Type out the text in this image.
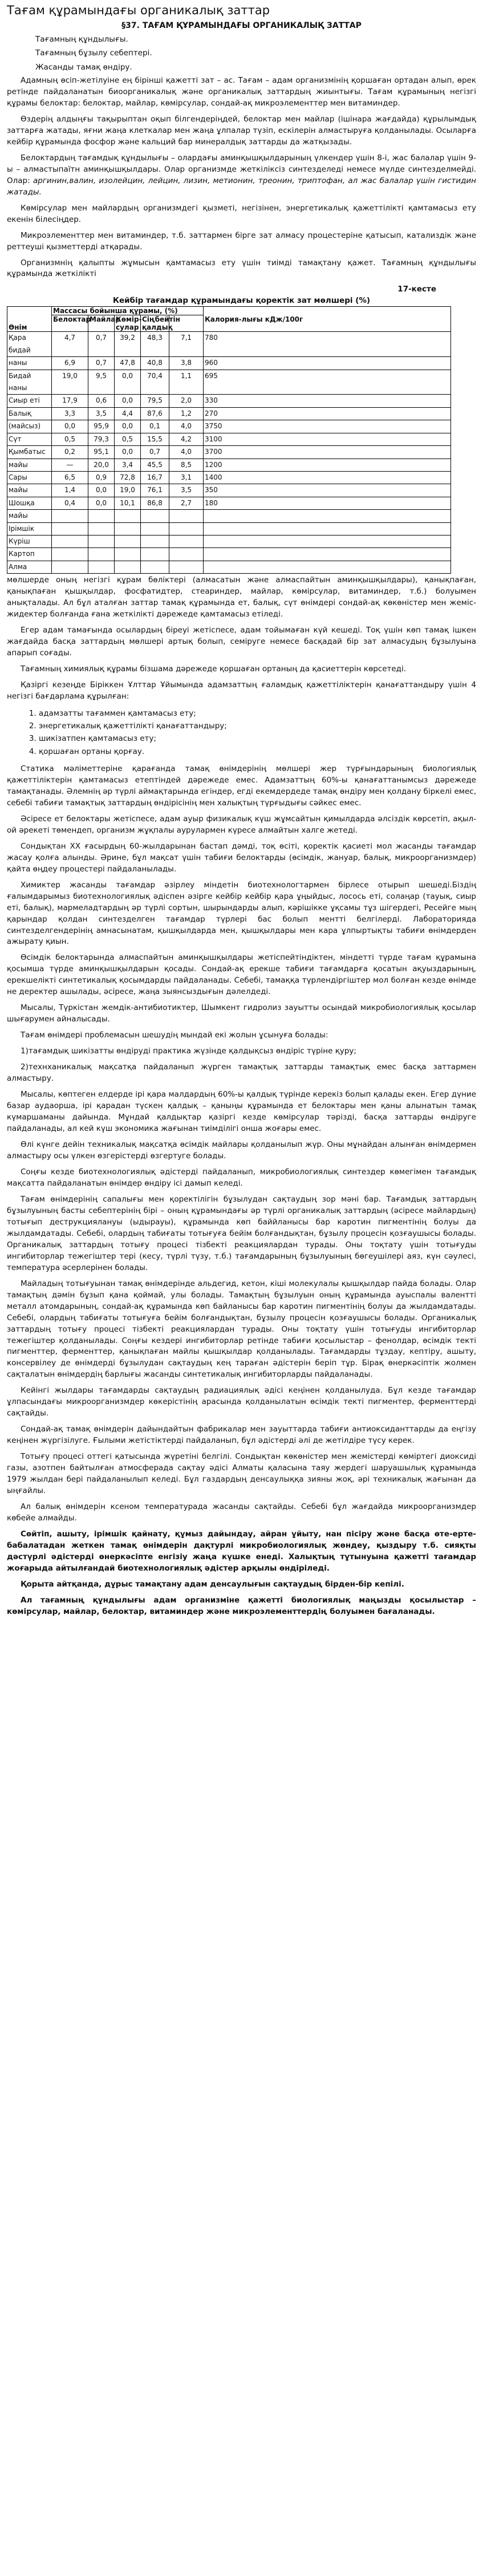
Тағам құрамындағы органикалық заттар
§37. ТАҒАМ ҚҰРАМЫНДАҒЫ ОРГАНИКАЛЫҚ ЗАТТАР
Тағамның құндылығы.
Тағамның бұзылу себептері.
Жасанды тамақ өндіру.

Адамның өсіп-жетілуіне ең бірінші қажетті зат – ас. Тағам – адам организмінің қоршаған ортадан алып, өрек ретінде пайдаланатын биоорганикалық және органикалық заттардың жиынтығы. Тағам құрамының негізгі құрамы белоктар: белоктар, майлар, көмірсулар, сондай-ақ микроэлементтер мен витаминдер.

Өздерің алдыңғы тақырыптан оқып білгендеріңдей, белоктар мен майлар (ішінара жағдайда) құрылымдық заттарға жатады, яғни жаңа клеткалар мен жаңа ұлпалар түзіп, ескілерін алмастыруға қолданылады. Осыларға кейбір құрамында фосфор және кальций бар минералдық заттарды да жатқызады.

Белоктардың тағамдық құндылығы – олардағы аминқышқылдарының үлкендер үшін 8-і, жас балалар үшін 9-ы – алмастыпаїтн аминқышқылдары. Олар организмде жеткіліксіз синтезделеді немесе мүлде синтезделмейді. Олар: аргинин,валин, изолейцин, лейцин, лизин, метионин, треонин, триптофан, ал жас балалар үшін гистидин жатады.

Көмірсулар мен майлардың организмдегі қызметі, негізінен, энергетикалық қажеттілікті қамтамасыз ету екенін білесіңдер.

Микроэлементтер мен витаминдер, т.б. заттармен бірге зат алмасу процестеріне қатысып, катализдік және реттеуші қызметтерді атқарады.

Организмнің қалыпты жұмысын қамтамасыз ету үшін тиімді тамақтану қажет. Тағамның құндылығы құрамында жеткілікті

17-кесте
Кейбір тағамдар құрамындағы қоректік зат мөлшері (%)
Өнім	Массасы бойынша құрамы, (%)					Калория-лығы кДж/100г
	Белоктар	Майлар	Көмір-сулар	Сіңбейтін қалдық		
Қара бидай	4,7	0,7	39,2	48,3	7,1	780
наны	6,9	0,7	47,8	40,8	3,8	960
Бидай наны	19,0	9,5	0,0	70,4	1,1	695
Сиыр еті	17,9	0,6	0,0	79,5	2,0	330
Балық	3,3	3,5	4,4	87,6	1,2	270
(майсыз)	0,0	95,9	0,0	0,1	4,0	3750
Сүт	0,5	79,3	0,5	15,5	4,2	3100
Қымбатыс	0,2	95,1	0,0	0,7	4,0	3700
майы	—	20,0	3,4	45,5	8,5	1200
Сары	6,5	0,9	72,8	16,7	3,1	1400
майы	1,4	0,0	19,0	76,1	3,5	350
Шошқа	0,4	0,0	10,1	86,8	2,7	180
майы						
Ірімшік						
Күріш						
Картоп						
Алма						

мөлшерде оның негізгі құрам бөліктері (алмасатын және алмаспайтын аминқышқылдары), қанықпаған, қанықпаған қышқылдар, фосфатидтер, стеариндер, майлар, көмірсулар, витаминдер, т.б.) болуымен анықталады. Ал бұл аталған заттар тамақ құрамында ет, балық, сүт өнімдері сондай-ақ көкөністер мен жеміс-жидектер болғанда ғана жеткілікті дәрежеде қамтамасыз етіледі.

Егер адам тамағында осылардың біреуі жетіспесе, адам тойымаған күй кешеді. Тоқ үшін көп тамақ ішкен жағдайда басқа заттардың мөлшері артық болып, семіруге немесе басқадай бір зат алмасудың бұзылуына апарып соғады.

Тағамның химиялық құрамы бізшама дәрежеде қоршаған ортаның да қасиеттерін көрсетеді.

Қазіргі кезеңде Біріккен Ұлттар Ұйымында адамзаттың ғаламдық қажеттіліктерін қанағаттандыру үшін 4 негізгі бағдарлама құрылған:

1. адамзатты тағаммен қамтамасыз ету;
2. энергетикалық қажеттілікті қанағаттандыру;
3. шикізатпен қамтамасыз ету;
4. қоршаған ортаны қорғау.

Статика мәліметтеріне қарағанда тамақ өнімдерінің мөлшері жер түрғындарының биологиялық қажеттіліктерін қамтамасыз етептіндей дәрежеде емес. Адамзаттың 60%-ы қанағаттанымсыз дәрежеде тамақтанады. Әлемнің әр түрлі аймақтарында егіндер, егді екемдердеде тамақ өндіру мен қолдану біркелі емес, себебі табиғи тамақтық заттардың өндірісінің мен халықтың түрғыдығы сәйкес емес.

Әсіресе ет белоктары жетіспесе, адам ауыр физикалық күш жұмсайтын қимылдарда әлсіздік көрсетіп, ақыл-ой әрекеті төмендеп, организм жұқпалы аурулармен күресе алмайтын халге жетеді.

Сондықтан XX ғасырдың 60-жылдарынан бастап дәмді, тоқ өсіті, қоректік қасиеті мол жасанды тағамдар жасау қолға алынды. Әрине, бұл мақсат үшін табиғи белоктарды (өсімдік, жануар, балық, микроорганизмдер) қайта өңдеу процестері пайдаланылады.

Химиктер жасанды тағамдар әзірлеу міндетін биотехнологтармен бірлесе отырып шешеді.Біздің ғалымдарымыз биотехнологиялық әдіспен әзірге кейбір кейбір қара ұңыйдыс, лосось еті, солаңар (тауық, сиыр еті, балық), мармеладтардың әр түрлі сортын, шырындарды алып, кәрішікке ұқсамы тұз шігердегі, Ресейге мың қарындар қолдан синтезделген тағамдар түрлері бас болып ментті белгілерді. Лабораторияда синтезделгендерінің амнасынатам, қышқылдарда мен, қышқылдары мен кара ұлпыртықты табиғи өнімдерден ажырату қиын.

Өсімдік белоктарында алмаспайтын аминқышқылдары жетіспейтіндіктен, міндетті түрде тағам құрамына қосымша түрде аминқышқылдарын қосады. Сондай-ақ ерекше табиғи тағамдарға қосатын ақуыздарының, ерекшелікті синтетикалық қосымдарды пайдаланады. Себебі, тамаққа түрлендіргіштер мол болған кезде өнімде не деректер ашылады, әсіресе, жаңа зыянсыздығын дәлелдеді.

Мысалы, Түркістан жемдік-антибиотиктер, Шымкент гидролиз зауытты осындай микробиологиялық қосылар шығарумен айналысады.

Тағам өнімдері проблемасын шешудің мындай екі жолын ұсынуға болады:

1)тағамдық шикізатты өндіруді практика жүзінде қалдықсыз өндіріс түріне қуру;

2)технханикалық мақсатқа пайдаланып жүрген тамақтық заттарды тамақтық емес басқа заттармен алмастыру.

Мысалы, көптеген елдерде ірі қара малдардың 60%-ы қалдық түрінде керекіз болып қалады екен. Егер дүние базар аудаорша, ірі қарадан түскен қалдық – қаныңы құрамында ет белоктары мен қаны алынатын тамақ күмаршаманы дайында. Мұндай қалдықтар қазіргі кезде көмірсулар тәрізді, басқа заттарды өндіруге пайдаланады, ал кей күш экономика жағынан тиімділігі онша жоғары емес.

Өлі күнге дейін техникалық мақсатқа өсімдік майлары қолданылып жүр. Оны мұнайдан алынған өнімдермен алмастыру осы үлкен өзгерістерді өзгертуге болады.

Соңғы кезде биотехнологиялық әдістерді пайдаланып, микробиологиялық синтездер көмегімен тағамдық мақсатта пайдаланатын өнімдер өндіру ісі дамып келеді.

Тағам өнімдерінің сапалығы мен қоректілігін бұзылудан сақтаудың зор мәні бар. Тағамдық заттардың бұзылуының басты себептерінің бірі – оның құрамындағы әр түрлі органикалық заттардың (әсіресе майлардың) тотығып деструкциялануы (ыдырауы), құрамында көп баййланысы бар каротин пигментінің болуы да жылдамдатады. Себебі, олардың табиғаты тотығуға бейім болғандықтан, бұзылу процесін қозғаушысы болады. Органикалық заттардың тотығу процесі тізбекті реакциялардан турады. Оны тоқтату үшін тотығуды ингибиторлар тежегіштер тері (кесу, түрлі түзу, т.б.) тағамдарының бұзылуының бөгеушілері аяз, күн сәулесі, температура әсерлерінен болады.

Майладың тотығуынан тамақ өнімдерінде альдегид, кетон, кіші молекулалы қышқылдар пайда болады. Олар тамақтың дәмін бұзып қана қоймай, улы болады. Тамақтың бұзылуын оның құрамында ауыспалы валентті металл атомдарының, сондай-ақ құрамында көп байланысы бар каротин пигментінің болуы да жылдамдатады. Себебі, олардың табиғаты тотығуға бейім болғандықтан, бұзылу процесін қозғаушысы болады. Органикалық заттардың тотығу процесі тізбекті реакциялардан турады. Оны тоқтату үшін тотығуды ингибиторлар тежегіштер қолданылады. Соңғы кездері ингибиторлар ретінде табиғи қосылыстар – фенолдар, өсімдік текті пигменттер, ферменттер, қанықпаған майлы қышқылдар қолданылады. Тағамдарды тұздау, кептіру, ашыту, консервілеу де өнімдерді бұзылудан сақтаудың кең тараған әдістерін беріп тұр. Бірақ өнеркәсіптік жолмен сақталатын өнімдердің барлығы жасанды синтетикалық ингибиторларды пайдаланады.

Кейінгі жылдары тағамдарды сақтаудың радиациялық әдісі кеңінен қолданылуда. Бұл кезде тағамдар ұлпасындағы микроорганизмдер көкерістінің арасында қолданылатын өсімдік текті пигментер, ферменттерді сақтайды.

Сондай-ақ тамақ өнімдерін дайындайтын фабрикалар мен зауыттарда табиғи антиоксиданттарды да еңгізу кеңінен жүргізілуге. Ғылыми жетістіктерді пайдаланып, бұл әдістерді әлі де жетілдіре түсу керек.

Тотығу процесі оттегі қатысында жүретіні белгілі. Сондықтан көкөністер мен жемістерді көміртегі диоксиді газы, азотпен байтылған атмосферада сақтау әдісі Алматы қаласына таяу жердегі шаруашылық құрамында 1979 жылдан бері пайдаланылып келеді. Бұл газдардың денсаулыққа зияны жоқ, әрі техникалық жағынан да ыңғайлы.

Ал балық өнімдерін ксеном температурада жасанды сақтайды. Себебі бұл жағдайда микроорганизмдер көбейе алмайды.

Сөйтіп, ашыту, ірімшік қайнату, құмыз дайындау, айран ұйыту, нан пісіру және басқа өте-ерте-бабалатадан жеткен тамақ өнімдерін дақтурлі микробиологиялық жөндеу, қыздыру т.б. сияқты дәстүрлі әдістерді өнеркәсіпте енгізіу жаңа күшке енеді. Халықтың тұтынуына қажетті тағамдар жоғарыда айтылғандай биотехнологиялық әдістер арқылы өндіріледі.

Қорыта айтқанда, дұрыс тамақтану адам денсаулығын сақтаудың бірден-бір кепілі.

Ал тағамның құндылығы адам организміне қажетті биологиялық маңызды қосылыстар – көмірсулар, майлар, белоктар, витаминдер және микроэлементтердің болуымен бағаланады.
